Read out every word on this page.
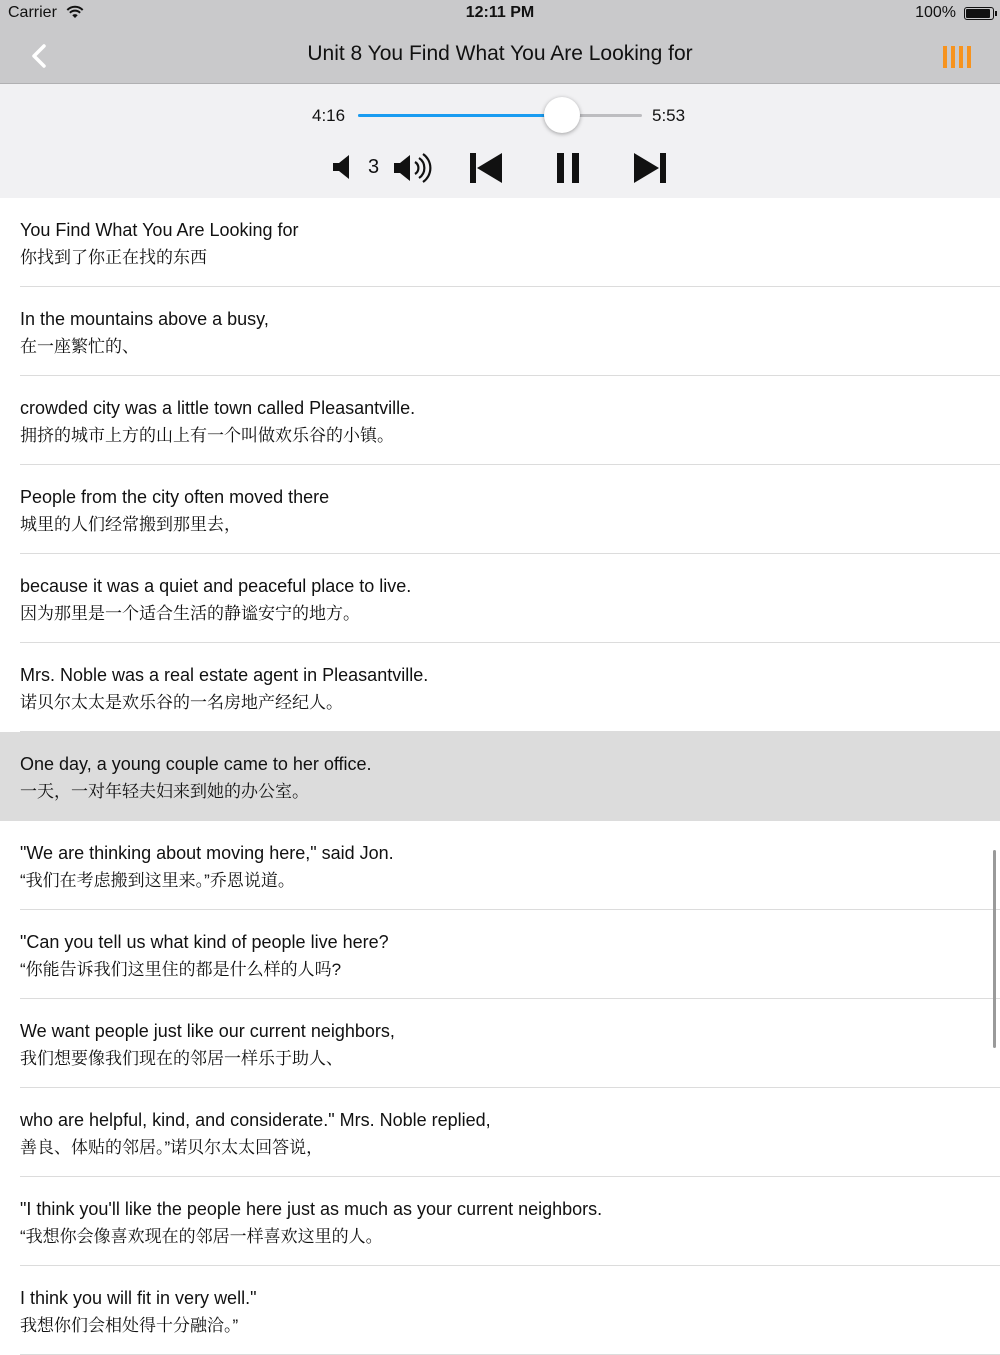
Carrier	12:11 PM	100%
Unit 8 You Find What You Are Looking for
4:16	5:53
3
You Find What You Are Looking for
你找到了你正在找的东西
In the mountains above a busy,
在一座繁忙的、
crowded city was a little town called Pleasantville.
拥挤的城市上方的山上有一个叫做欢乐谷的小镇。
People from the city often moved there
城里的人们经常搬到那里去，
because it was a quiet and peaceful place to live.
因为那里是一个适合生活的静谧安宁的地方。
Mrs. Noble was a real estate agent in Pleasantville.
诺贝尔太太是欢乐谷的一名房地产经纪人。
One day, a young couple came to her office.
一天，一对年轻夫妇来到她的办公室。
"We are thinking about moving here," said Jon.
“我们在考虑搬到这里来。”乔恩说道。
"Can you tell us what kind of people live here?
“你能告诉我们这里住的都是什么样的人吗?
We want people just like our current neighbors,
我们想要像我们现在的邻居一样乐于助人、
who are helpful, kind, and considerate." Mrs. Noble replied,
善良、体贴的邻居。”诺贝尔太太回答说，
"I think you'll like the people here just as much as your current neighbors.
“我想你会像喜欢现在的邻居一样喜欢这里的人。
I think you will fit in very well."
我想你们会相处得十分融洽。”
